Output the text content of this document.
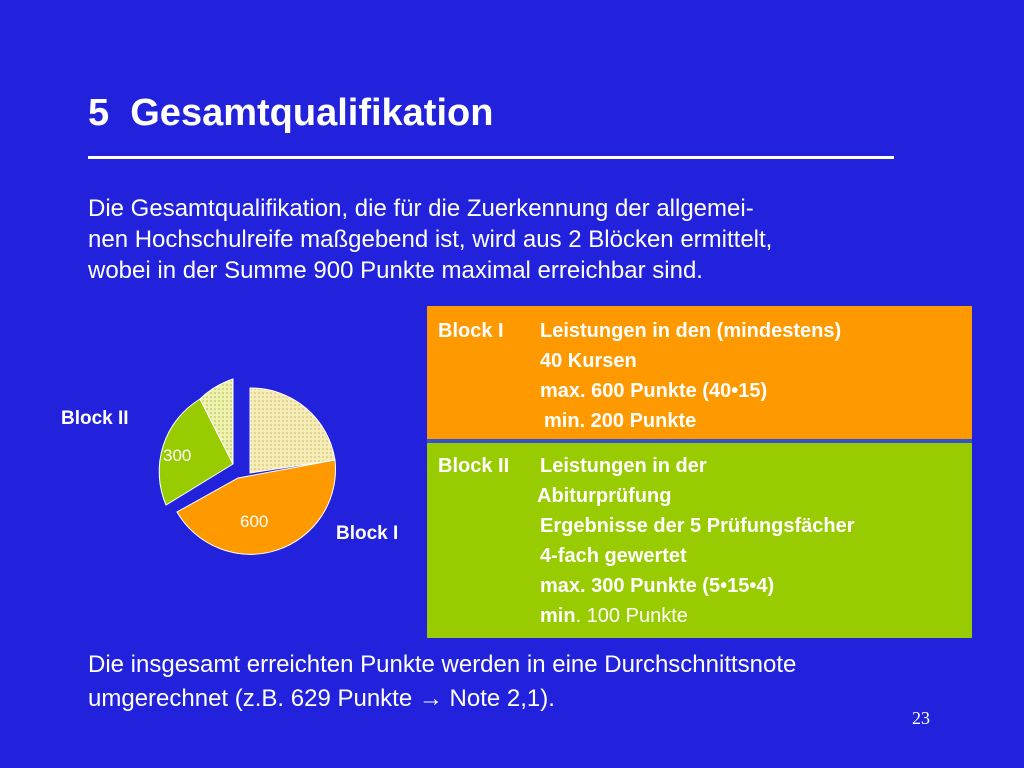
5  Gesamtqualifikation
Die Gesamtqualifikation, die für die Zuerkennung der allgemei-
nen Hochschulreife maßgebend ist, wird aus 2 Blöcken ermittelt,
wobei in der Summe 900 Punkte maximal erreichbar sind.
300
600
Block II
Block I
Block I	Leistungen in den (mindestens)
40 Kursen
max. 600 Punkte (40•15)
min. 200 Punkte
Block II	Leistungen in der
Abiturprüfung
Ergebnisse der 5 Prüfungsfächer
4-fach gewertet
max. 300 Punkte (5•15•4)
min. 100 Punkte
Die insgesamt erreichten Punkte werden in eine Durchschnittsnote
umgerechnet (z.B. 629 Punkte → Note 2,1).
23
